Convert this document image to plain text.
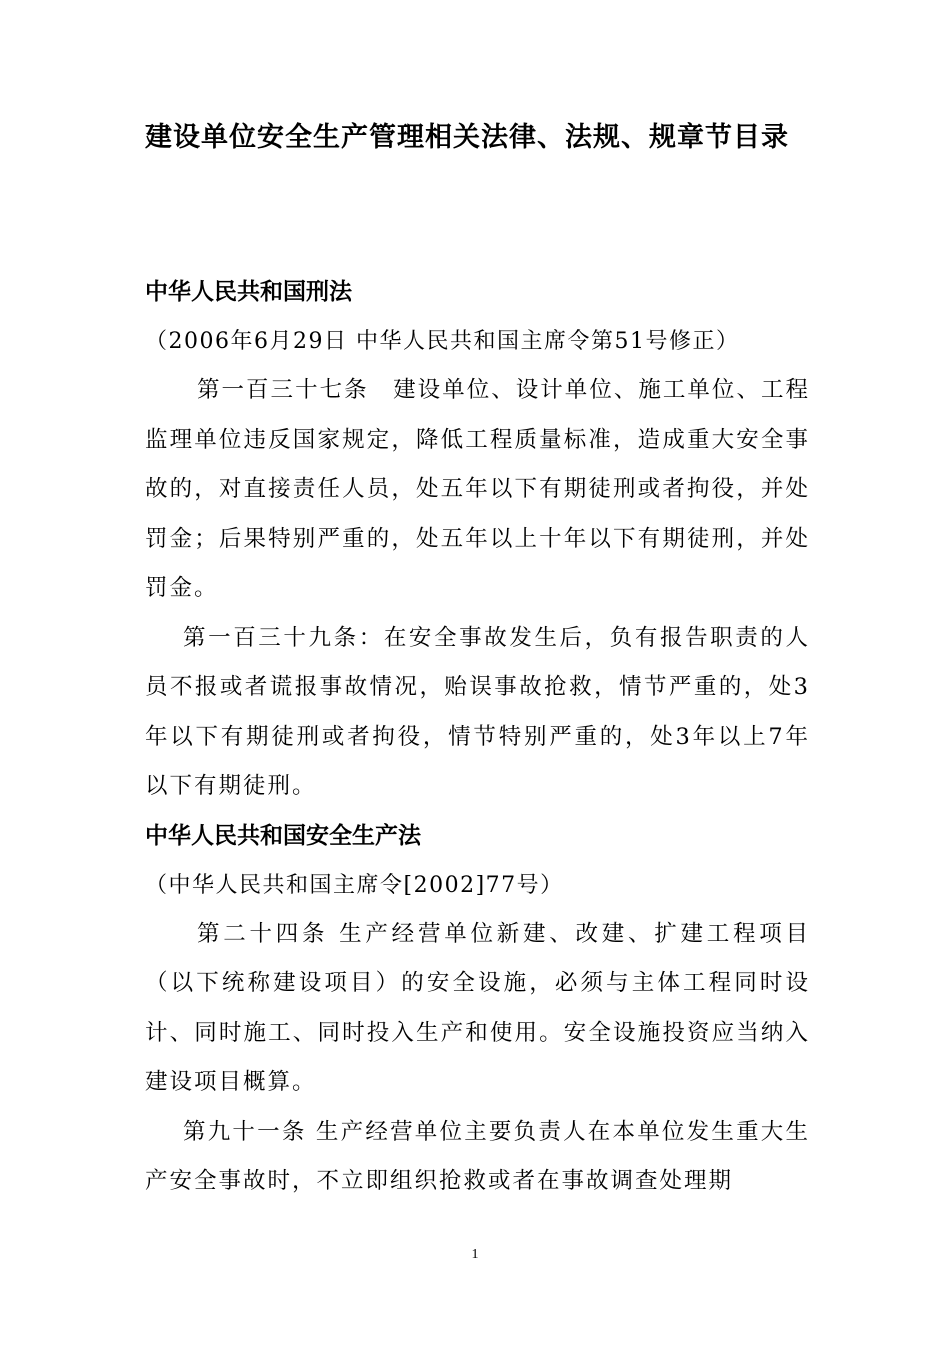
建设单位安全生产管理相关法律、法规、规章节目录
中华人民共和国刑法
（2006年6月29日 中华人民共和国主席令第51号修正）

第一百三十七条　建设单位、设计单位、施工单位、工程监理单位违反国家规定，降低工程质量标准，造成重大安全事故的，对直接责任人员，处五年以下有期徒刑或者拘役，并处罚金；后果特别严重的，处五年以上十年以下有期徒刑，并处罚金。

第一百三十九条：在安全事故发生后，负有报告职责的人员不报或者谎报事故情况，贻误事故抢救，情节严重的，处3年以下有期徒刑或者拘役，情节特别严重的，处3年以上7年以下有期徒刑。

中华人民共和国安全生产法
（中华人民共和国主席令[2002]77号）

第二十四条 生产经营单位新建、改建、扩建工程项目（以下统称建设项目）的安全设施，必须与主体工程同时设计、同时施工、同时投入生产和使用。安全设施投资应当纳入建设项目概算。

第九十一条 生产经营单位主要负责人在本单位发生重大生产安全事故时，不立即组织抢救或者在事故调查处理期

1
